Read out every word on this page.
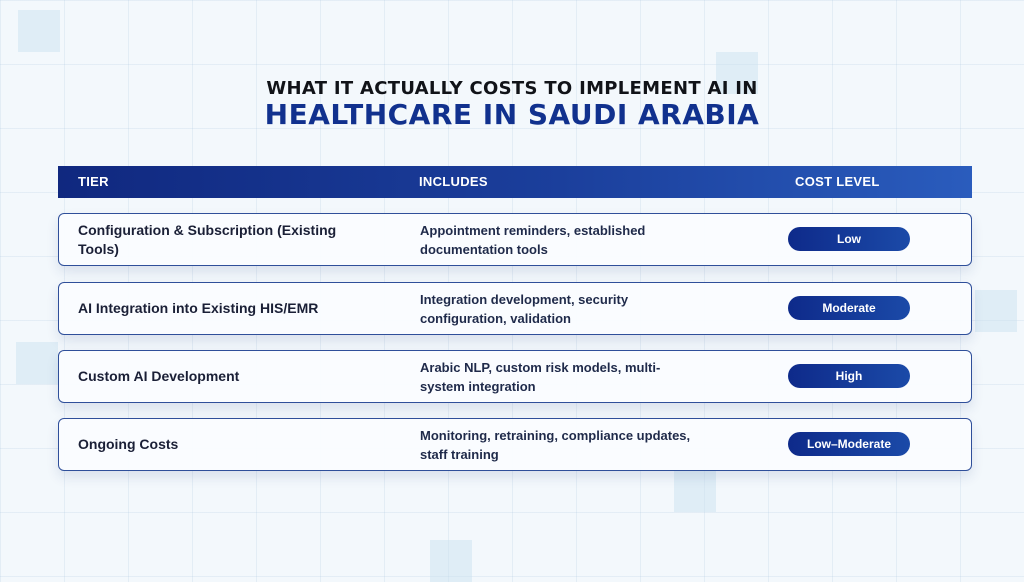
WHAT IT ACTUALLY COSTS TO IMPLEMENT AI IN
HEALTHCARE IN SAUDI ARABIA
TIER	INCLUDES	COST LEVEL
Configuration & Subscription (Existing Tools)
Appointment reminders, established documentation tools
Low
AI Integration into Existing HIS/EMR
Integration development, security configuration, validation
Moderate
Custom AI Development
Arabic NLP, custom risk models, multi-system integration
High
Ongoing Costs
Monitoring, retraining, compliance updates, staff training
Low–Moderate
